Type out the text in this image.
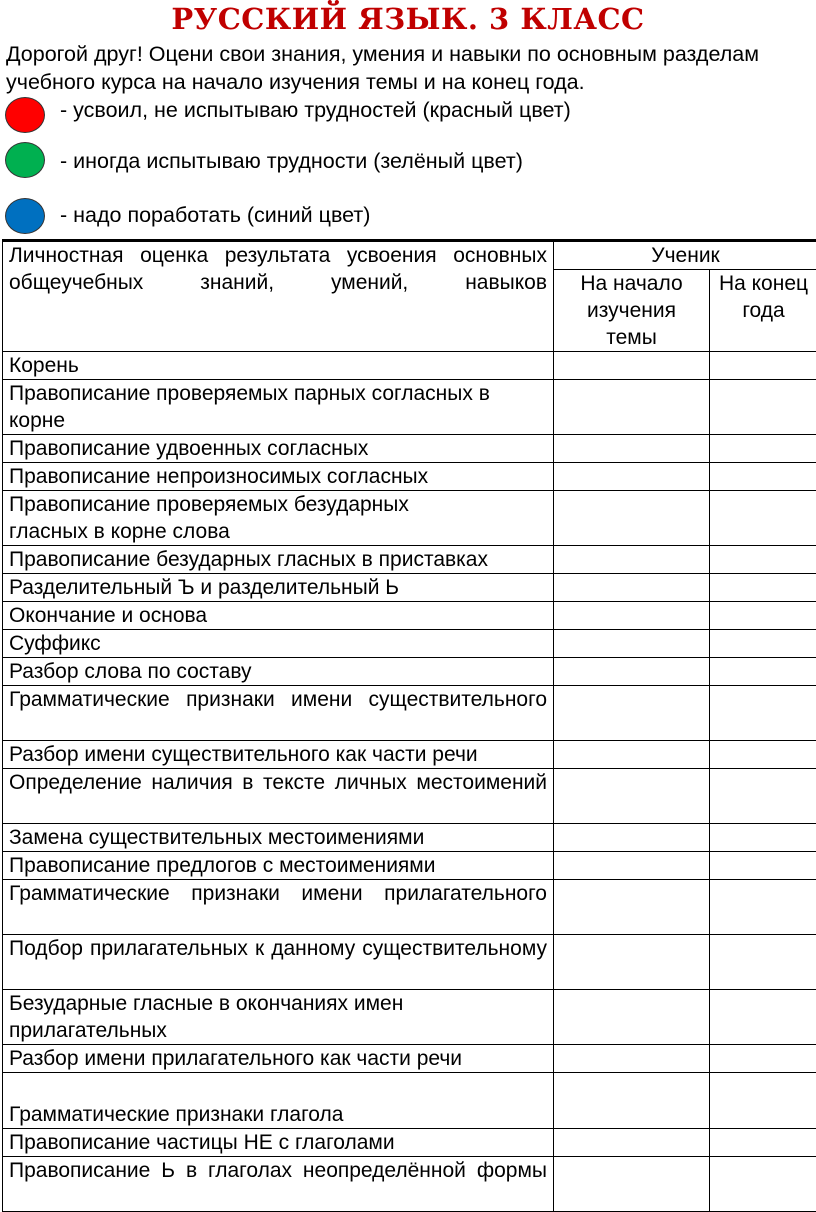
РУССКИЙ ЯЗЫК. 3 КЛАСС

Дорогой друг! Оцени свои знания, умения и навыки по основным разделам учебного курса на начало изучения темы и на конец года.

- усвоил, не испытываю трудностей (красный цвет)
- иногда испытываю трудности (зелёный цвет)
- надо поработать (синий цвет)
Личностная оценка результата усвоения основных общеучебных знаний, умений, навыков	Ученик	
	На начало изучения темы	На конец года
Корень		
Правописание проверяемых парных согласных в корне		
Правописание удвоенных согласных		
Правописание непроизносимых согласных		
Правописание проверяемых безударных гласных в корне слова		
Правописание безударных гласных в приставках		
Разделительный Ъ и разделительный Ь		
Окончание и основа		
Суффикс		
Разбор слова по составу		
Грамматические признаки имени существительного		
Разбор имени существительного как части речи		
Определение наличия в тексте личных местоимений		
Замена существительных местоимениями		
Правописание предлогов с местоимениями		
Грамматические признаки имени прилагательного		
Подбор прилагательных к данному существительному		
Безударные гласные в окончаниях имен прилагательных		
Разбор имени прилагательного как части речи		
Грамматические признаки глагола		
Правописание частицы НЕ с глаголами		
Правописание Ь в глаголах неопределённой формы		
